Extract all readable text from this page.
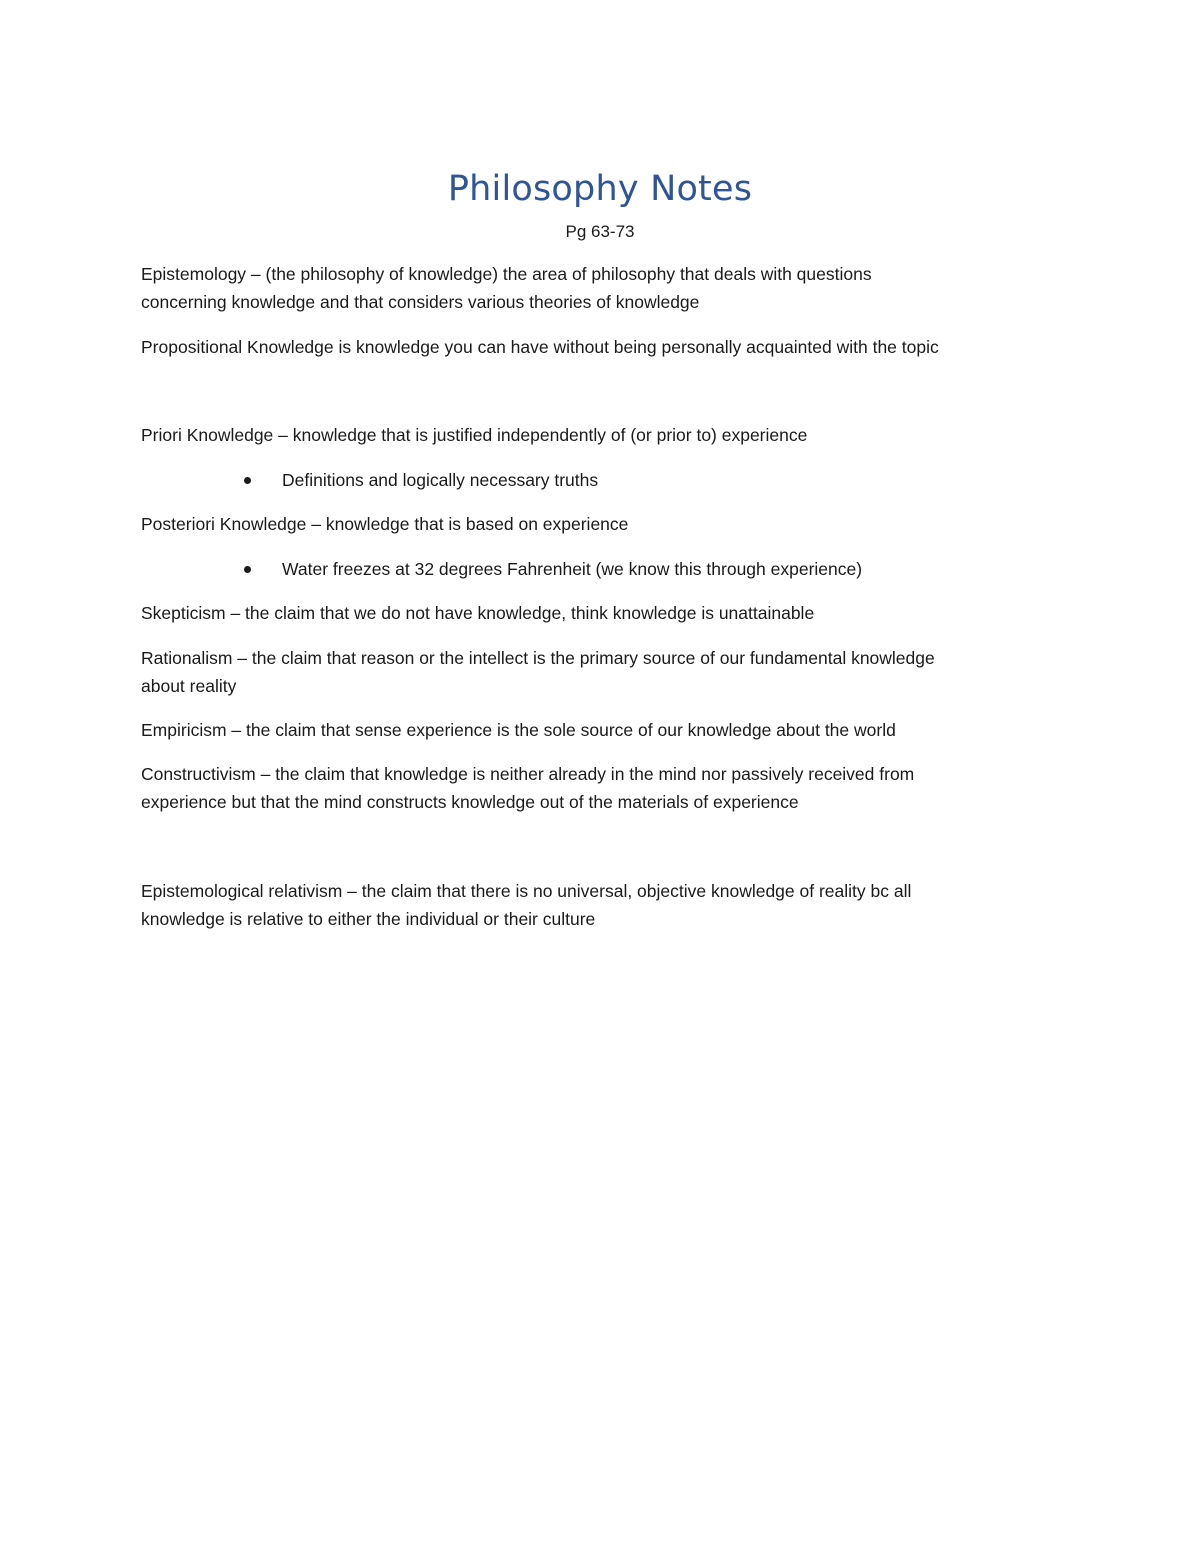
Philosophy Notes
Pg 63-73
Epistemology – (the philosophy of knowledge) the area of philosophy that deals with questions
concerning knowledge and that considers various theories of knowledge
Propositional Knowledge is knowledge you can have without being personally acquainted with the topic
Priori Knowledge – knowledge that is justified independently of (or prior to) experience
Definitions and logically necessary truths
Posteriori Knowledge – knowledge that is based on experience
Water freezes at 32 degrees Fahrenheit (we know this through experience)
Skepticism – the claim that we do not have knowledge, think knowledge is unattainable
Rationalism – the claim that reason or the intellect is the primary source of our fundamental knowledge
about reality
Empiricism – the claim that sense experience is the sole source of our knowledge about the world
Constructivism – the claim that knowledge is neither already in the mind nor passively received from
experience but that the mind constructs knowledge out of the materials of experience
Epistemological relativism – the claim that there is no universal, objective knowledge of reality bc all
knowledge is relative to either the individual or their culture
